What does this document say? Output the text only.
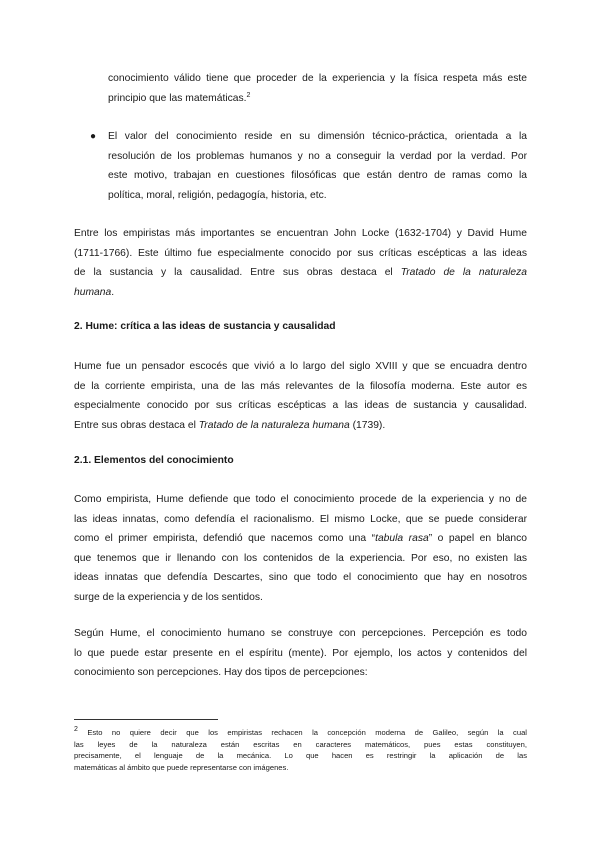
conocimiento válido tiene que proceder de la experiencia y la física respeta más este
principio que las matemáticas.$^2$
● El valor del conocimiento reside en su dimensión técnico-práctica, orientada a la
resolución de los problemas humanos y no a conseguir la verdad por la verdad. Por
este motivo, trabajan en cuestiones filosóficas que están dentro de ramas como la
política, moral, religión, pedagogía, historia, etc.
Entre los empiristas más importantes se encuentran John Locke (1632-1704) y David Hume
(1711-1766). Este último fue especialmente conocido por sus críticas escépticas a las ideas
de la sustancia y la causalidad. Entre sus obras destaca el Tratado de la naturaleza
humana.
2. Hume: crítica a las ideas de sustancia y causalidad
Hume fue un pensador escocés que vivió a lo largo del siglo XVIII y que se encuadra dentro
de la corriente empirista, una de las más relevantes de la filosofía moderna. Este autor es
especialmente conocido por sus críticas escépticas a las ideas de sustancia y causalidad.
Entre sus obras destaca el Tratado de la naturaleza humana (1739).
2.1. Elementos del conocimiento
Como empirista, Hume defiende que todo el conocimiento procede de la experiencia y no de
las ideas innatas, como defendía el racionalismo. El mismo Locke, que se puede considerar
como el primer empirista, defendió que nacemos como una “tabula rasa” o papel en blanco
que tenemos que ir llenando con los contenidos de la experiencia. Por eso, no existen las
ideas innatas que defendía Descartes, sino que todo el conocimiento que hay en nosotros
surge de la experiencia y de los sentidos.
Según Hume, el conocimiento humano se construye con percepciones. Percepción es todo
lo que puede estar presente en el espíritu (mente). Por ejemplo, los actos y contenidos del
conocimiento son percepciones. Hay dos tipos de percepciones:
$^2$ Esto no quiere decir que los empiristas rechacen la concepción moderna de Galileo, según la cual
las leyes de la naturaleza están escritas en caracteres matemáticos, pues estas constituyen,
precisamente, el lenguaje de la mecánica. Lo que hacen es restringir la aplicación de las
matemáticas al ámbito que puede representarse con imágenes.
